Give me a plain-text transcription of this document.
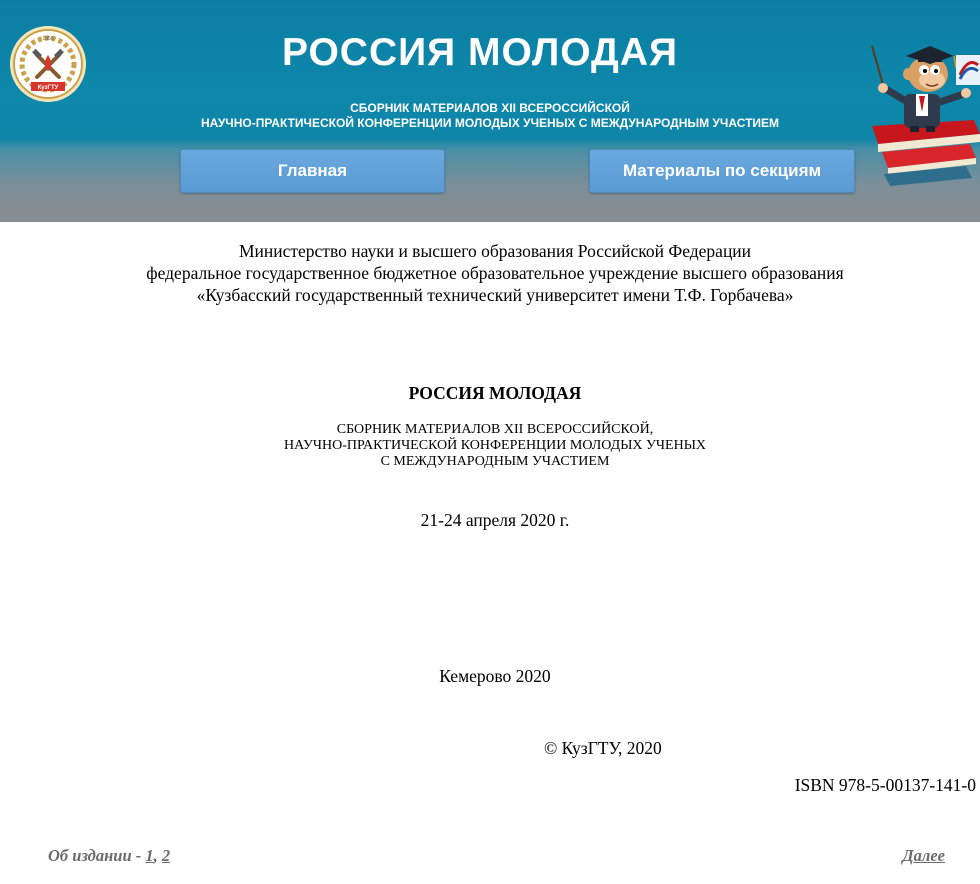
КузГТУ
1950	РОССИЯ МОЛОДАЯ
СБОРНИК МАТЕРИАЛОВ XII ВСЕРОССИЙСКОЙ
НАУЧНО-ПРАКТИЧЕСКОЙ КОНФЕРЕНЦИИ МОЛОДЫХ УЧЕНЫХ С МЕЖДУНАРОДНЫМ УЧАСТИЕМ
Главная	Материалы по секциям
Министерство науки и высшего образования Российской Федерации
федеральное государственное бюджетное образовательное учреждение высшего образования
«Кузбасский государственный технический университет имени Т.Ф. Горбачева»
РОССИЯ МОЛОДАЯ
СБОРНИК МАТЕРИАЛОВ XII ВСЕРОССИЙСКОЙ,
НАУЧНО-ПРАКТИЧЕСКОЙ КОНФЕРЕНЦИИ МОЛОДЫХ УЧЕНЫХ
С МЕЖДУНАРОДНЫМ УЧАСТИЕМ
21-24 апреля 2020 г.
Кемерово 2020
© КузГТУ, 2020
ISBN 978-5-00137-141-0
Об издании - 1, 2	Далее
